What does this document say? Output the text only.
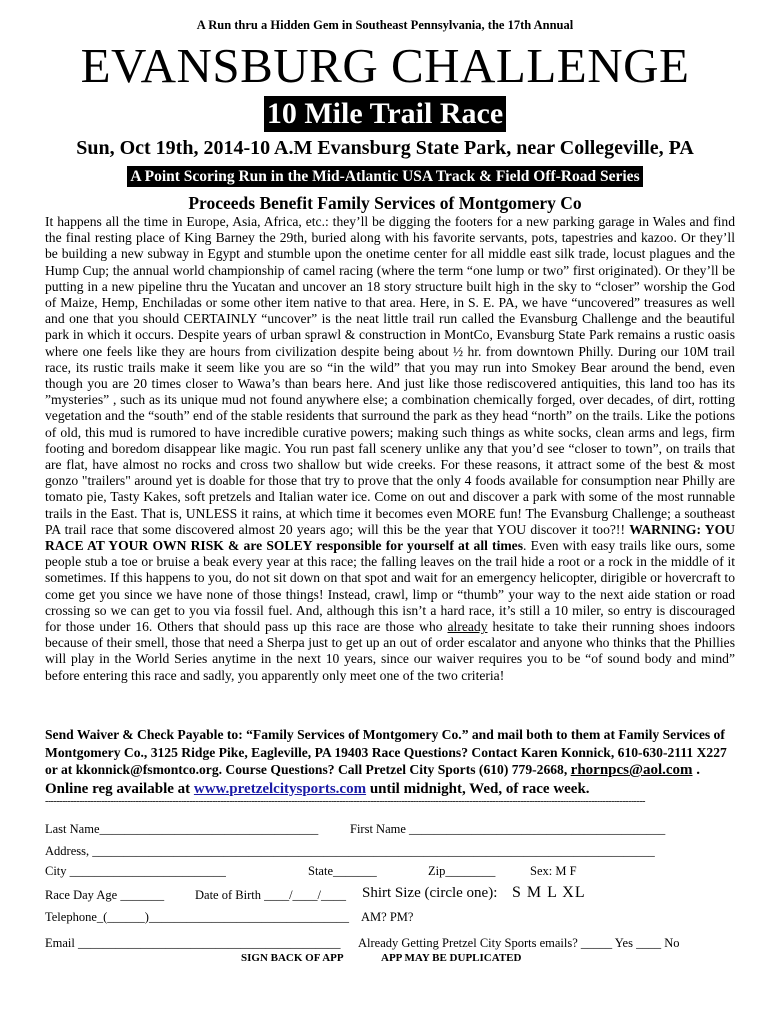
A Run thru a Hidden Gem in Southeast Pennsylvania, the 17th Annual
EVANSBURG CHALLENGE
10 Mile Trail Race
Sun, Oct 19th, 2014-10 A.M Evansburg State Park, near Collegeville, PA
A Point Scoring Run in the Mid-Atlantic USA Track & Field Off-Road Series
Proceeds Benefit Family Services of Montgomery Co
It happens all the time in Europe, Asia, Africa, etc.: they’ll be digging the footers for a new parking garage in Wales and find the final resting place of King Barney the 29th, buried along with his favorite servants, pots, tapestries and kazoo. Or they’ll be building a new subway in Egypt and stumble upon the onetime center for all middle east silk trade, locust plagues and the Hump Cup; the annual world championship of camel racing (where the term “one lump or two” first originated). Or they’ll be putting in a new pipeline thru the Yucatan and uncover an 18 story structure built high in the sky to “closer” worship the God of Maize, Hemp, Enchiladas or some other item native to that area. Here, in S. E. PA, we have “uncovered” treasures as well and one that you should CERTAINLY “uncover” is the neat little trail run called the Evansburg Challenge and the beautiful park in which it occurs. Despite years of urban sprawl & construction in MontCo, Evansburg State Park remains a rustic oasis where one feels like they are hours from civilization despite being about ½ hr. from downtown Philly. During our 10M trail race, its rustic trails make it seem like you are so “in the wild” that you may run into Smokey Bear around the bend, even though you are 20 times closer to Wawa’s than bears here. And just like those rediscovered antiquities, this land too has its ”mysteries” , such as its unique mud not found anywhere else; a combination chemically forged, over decades, of dirt, rotting vegetation and the “south” end of the stable residents that surround the park as they head “north” on the trails. Like the potions of old, this mud is rumored to have incredible curative powers; making such things as white socks, clean arms and legs, firm footing and boredom disappear like magic. You run past fall scenery unlike any that you’d see “closer to town”, on trails that are flat, have almost no rocks and cross two shallow but wide creeks. For these reasons, it attract some of the best & most gonzo "trailers" around yet is doable for those that try to prove that the only 4 foods available for consumption near Philly are tomato pie, Tasty Kakes, soft pretzels and Italian water ice. Come on out and discover a park with some of the most runnable trails in the East. That is, UNLESS it rains, at which time it becomes even MORE fun! The Evansburg Challenge; a southeast PA trail race that some discovered almost 20 years ago; will this be the year that YOU discover it too?!! WARNING: YOU RACE AT YOUR OWN RISK & are SOLEY responsible for yourself at all times. Even with easy trails like ours, some people stub a toe or bruise a beak every year at this race; the falling leaves on the trail hide a root or a rock in the middle of it sometimes. If this happens to you, do not sit down on that spot and wait for an emergency helicopter, dirigible or hovercraft to come get you since we have none of those things! Instead, crawl, limp or “thumb” your way to the next aide station or road crossing so we can get to you via fossil fuel. And, although this isn’t a hard race, it’s still a 10 miler, so entry is discouraged for those under 16. Others that should pass up this race are those who already hesitate to take their running shoes indoors because of their smell, those that need a Sherpa just to get up an out of order escalator and anyone who thinks that the Phillies will play in the World Series anytime in the next 10 years, since our waiver requires you to be “of sound body and mind” before entering this race and sadly, you apparently only meet one of the two criteria!
Send Waiver & Check Payable to: “Family Services of Montgomery Co.” and mail both to them at Family Services of Montgomery Co., 3125 Ridge Pike, Eagleville, PA 19403 Race Questions? Contact Karen Konnick, 610-630-2111 X227 or at kkonnick@fsmontco.org. Course Questions? Call Pretzel City Sports (610) 779-2668, rhornpcs@aol.com . Online reg available at www.pretzelcitysports.com until midnight, Wed, of race week.
--------------------------------------------------------------------------------------------------------------------------------------------------------------------------------------------------------------------
Last Name___________________________________	First Name _________________________________________
Address, __________________________________________________________________________________________
City _________________________	State_______	Zip________	Sex: M F
Race Day Age _______ Date of Birth ____/____/____ Shirt Size (circle one): S M L XL
Telephone_(______)________________________________ AM? PM?
Email __________________________________________ Already Getting Pretzel City Sports emails? _____ Yes ____ No
SIGN BACK OF APP	APP MAY BE DUPLICATED
